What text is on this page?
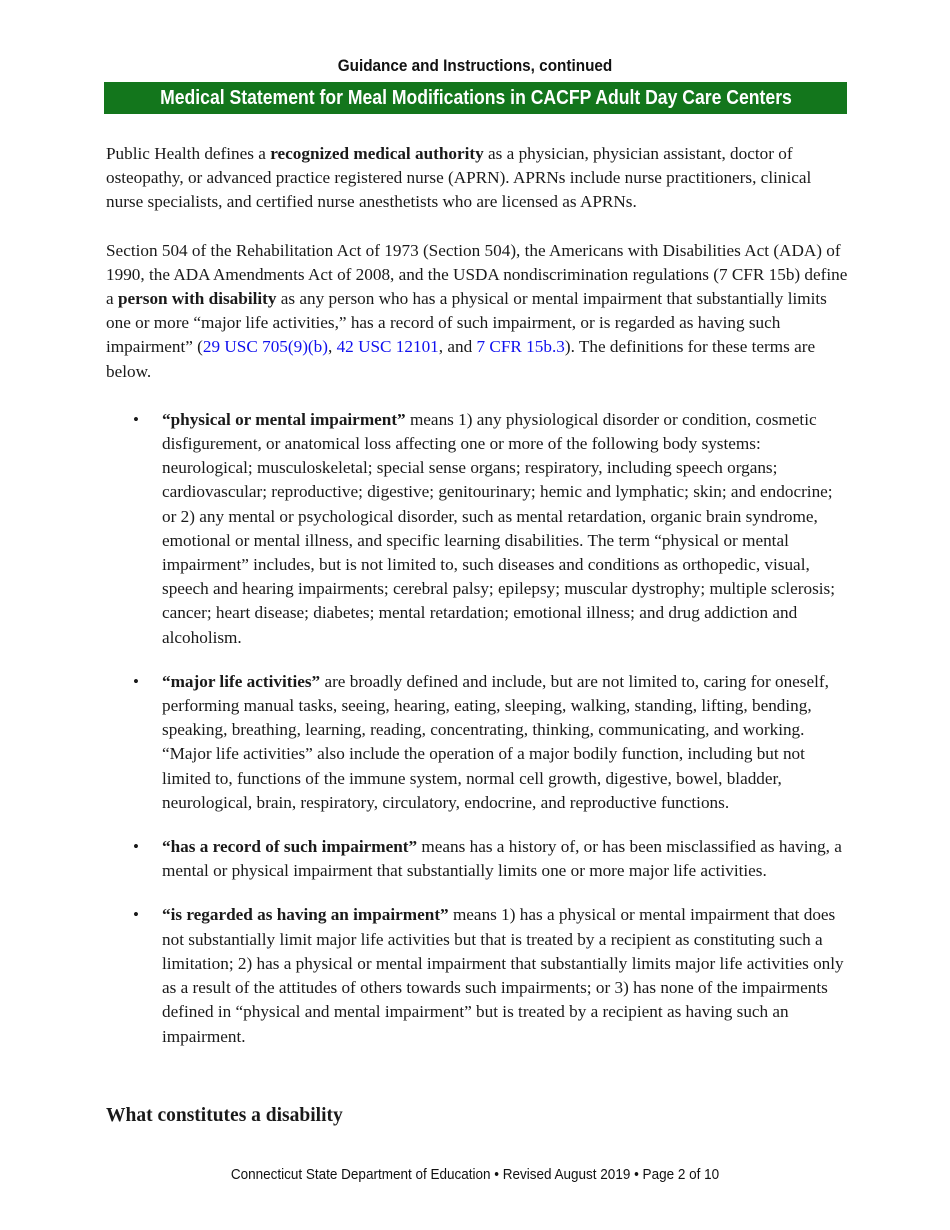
Guidance and Instructions, continued
Medical Statement for Meal Modifications in CACFP Adult Day Care Centers

Public Health defines a recognized medical authority as a physician, physician assistant, doctor of osteopathy, or advanced practice registered nurse (APRN). APRNs include nurse practitioners, clinical nurse specialists, and certified nurse anesthetists who are licensed as APRNs.

Section 504 of the Rehabilitation Act of 1973 (Section 504), the Americans with Disabilities Act (ADA) of 1990, the ADA Amendments Act of 2008, and the USDA nondiscrimination regulations (7 CFR 15b) define a person with disability as any person who has a physical or mental impairment that substantially limits one or more “major life activities,” has a record of such impairment, or is regarded as having such impairment” (29 USC 705(9)(b), 42 USC 12101, and 7 CFR 15b.3). The definitions for these terms are below.

• “physical or mental impairment” means 1) any physiological disorder or condition, cosmetic disfigurement, or anatomical loss affecting one or more of the following body systems: neurological; musculoskeletal; special sense organs; respiratory, including speech organs; cardiovascular; reproductive; digestive; genitourinary; hemic and lymphatic; skin; and endocrine; or 2) any mental or psychological disorder, such as mental retardation, organic brain syndrome, emotional or mental illness, and specific learning disabilities. The term “physical or mental impairment” includes, but is not limited to, such diseases and conditions as orthopedic, visual, speech and hearing impairments; cerebral palsy; epilepsy; muscular dystrophy; multiple sclerosis; cancer; heart disease; diabetes; mental retardation; emotional illness; and drug addiction and alcoholism.
• “major life activities” are broadly defined and include, but are not limited to, caring for oneself, performing manual tasks, seeing, hearing, eating, sleeping, walking, standing, lifting, bending, speaking, breathing, learning, reading, concentrating, thinking, communicating, and working. “Major life activities” also include the operation of a major bodily function, including but not limited to, functions of the immune system, normal cell growth, digestive, bowel, bladder, neurological, brain, respiratory, circulatory, endocrine, and reproductive functions.
• “has a record of such impairment” means has a history of, or has been misclassified as having, a mental or physical impairment that substantially limits one or more major life activities.
• “is regarded as having an impairment” means 1) has a physical or mental impairment that does not substantially limit major life activities but that is treated by a recipient as constituting such a limitation; 2) has a physical or mental impairment that substantially limits major life activities only as a result of the attitudes of others towards such impairments; or 3) has none of the impairments defined in “physical and mental impairment” but is treated by a recipient as having such an impairment.
What constitutes a disability
Connecticut State Department of Education • Revised August 2019 • Page 2 of 10
